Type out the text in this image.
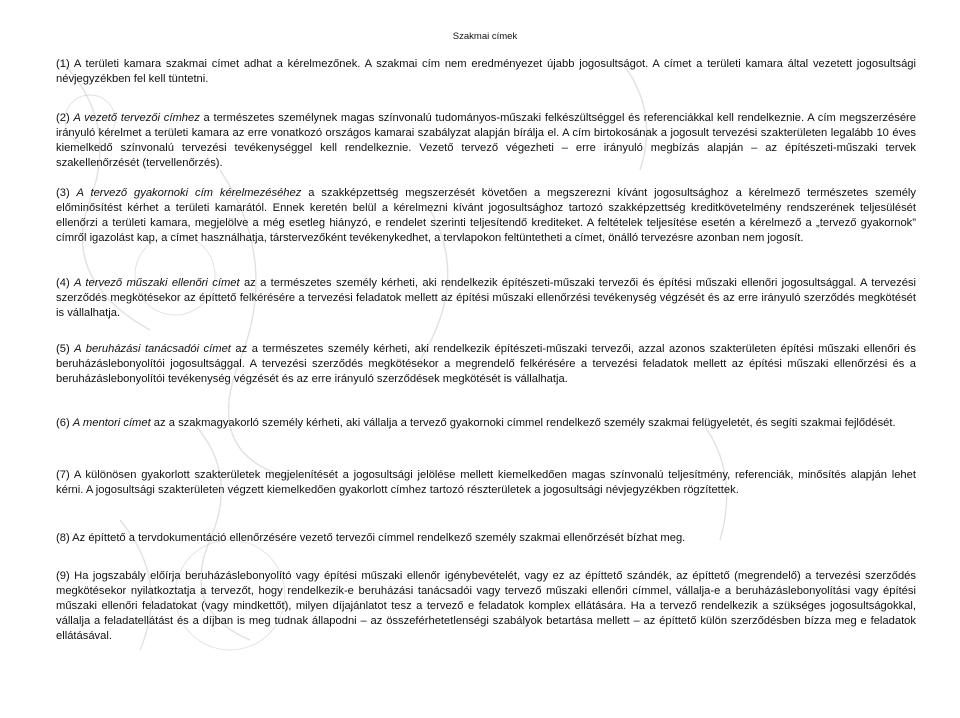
Szakmai címek
(1) A területi kamara szakmai címet adhat a kérelmezőnek. A szakmai cím nem eredményezet újabb jogosultságot. A címet a területi kamara által vezetett jogosultsági névjegyzékben fel kell tüntetni.
(2) A vezető tervezői címhez a természetes személynek magas színvonalú tudományos-műszaki felkészültséggel és referenciákkal kell rendelkeznie. A cím megszerzésére irányuló kérelmet a területi kamara az erre vonatkozó országos kamarai szabályzat alapján bírálja el. A cím birtokosának a jogosult tervezési szakterületen legalább 10 éves kiemelkedő színvonalú tervezési tevékenységgel kell rendelkeznie. Vezető tervező végezheti – erre irányuló megbízás alapján – az építészeti-műszaki tervek szakellenőrzését (tervellenőrzés).
(3) A tervező gyakornoki cím kérelmezéséhez a szakképzettség megszerzését követően a megszerezni kívánt jogosultsághoz a kérelmező természetes személy előminősítést kérhet a területi kamarától. Ennek keretén belül a kérelmezni kívánt jogosultsághoz tartozó szakképzettség kreditkövetelmény rendszerének teljesülését ellenőrzi a területi kamara, megjelölve a még esetleg hiányzó, e rendelet szerinti teljesítendő krediteket. A feltételek teljesítése esetén a kérelmező a „tervező gyakornok” címről igazolást kap, a címet használhatja, társtervezőként tevékenykedhet, a tervlapokon feltüntetheti a címet, önálló tervezésre azonban nem jogosít.
(4) A tervező műszaki ellenőri címet az a természetes személy kérheti, aki rendelkezik építészeti-műszaki tervezői és építési műszaki ellenőri jogosultsággal. A tervezési szerződés megkötésekor az építtető felkérésére a tervezési feladatok mellett az építési műszaki ellenőrzési tevékenység végzését és az erre irányuló szerződés megkötését is vállalhatja.
(5) A beruházási tanácsadói címet az a természetes személy kérheti, aki rendelkezik építészeti-műszaki tervezői, azzal azonos szakterületen építési műszaki ellenőri és beruházáslebonyolítói jogosultsággal. A tervezési szerződés megkötésekor a megrendelő felkérésére a tervezési feladatok mellett az építési műszaki ellenőrzési és a beruházáslebonyolítói tevékenység végzését és az erre irányuló szerződések megkötését is vállalhatja.
(6) A mentori címet az a szakmagyakorló személy kérheti, aki vállalja a tervező gyakornoki címmel rendelkező személy szakmai felügyeletét, és segíti szakmai fejlődését.
(7) A különösen gyakorlott szakterületek megjelenítését a jogosultsági jelölése mellett kiemelkedően magas színvonalú teljesítmény, referenciák, minősítés alapján lehet kérni. A jogosultsági szakterületen végzett kiemelkedően gyakorlott címhez tartozó részterületek a jogosultsági névjegyzékben rögzítettek.
(8) Az építtető a tervdokumentáció ellenőrzésére vezető tervezői címmel rendelkező személy szakmai ellenőrzését bízhat meg.
(9) Ha jogszabály előírja beruházáslebonyolító vagy építési műszaki ellenőr igénybevételét, vagy ez az építtető szándék, az építtető (megrendelő) a tervezési szerződés megkötésekor nyilatkoztatja a tervezőt, hogy rendelkezik-e beruházási tanácsadói vagy tervező műszaki ellenőri címmel, vállalja-e a beruházáslebonyolítási vagy építési műszaki ellenőri feladatokat (vagy mindkettőt), milyen díjajánlatot tesz a tervező e feladatok komplex ellátására. Ha a tervező rendelkezik a szükséges jogosultságokkal, vállalja a feladatellátást és a díjban is meg tudnak állapodni – az összeférhetetlenségi szabályok betartása mellett – az építtető külön szerződésben bízza meg e feladatok ellátásával.
